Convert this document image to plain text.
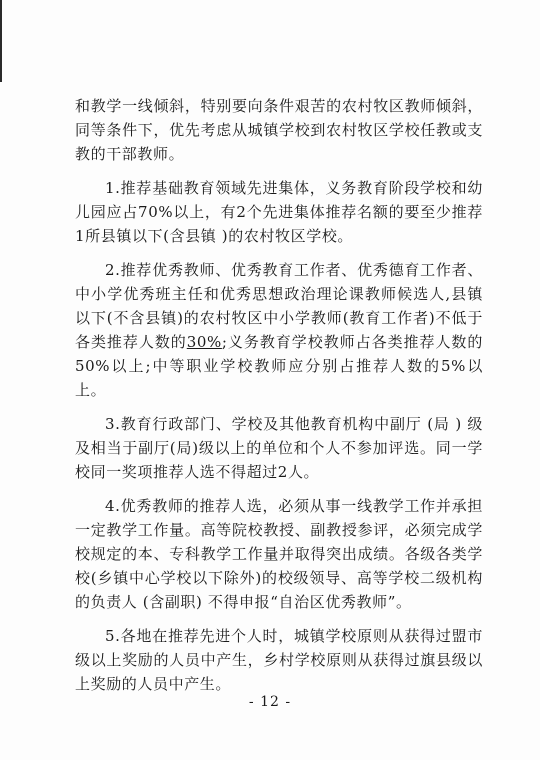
和教学一线倾斜，特别要向条件艰苦的农村牧区教师倾斜，同等条件下，优先考虑从城镇学校到农村牧区学校任教或支教的干部教师。

1.推荐基础教育领域先进集体，义务教育阶段学校和幼儿园应占70%以上，有2个先进集体推荐名额的要至少推荐1所县镇以下(含县镇 )的农村牧区学校。

2.推荐优秀教师、优秀教育工作者、优秀德育工作者、中小学优秀班主任和优秀思想政治理论课教师候选人,县镇以下(不含县镇)的农村牧区中小学教师(教育工作者)不低于各类推荐人数的30%;义务教育学校教师占各类推荐人数的50%以上;中等职业学校教师应分别占推荐人数的5%以上。

3.教育行政部门、学校及其他教育机构中副厅 (局 ) 级及相当于副厅(局)级以上的单位和个人不参加评选。同一学校同一奖项推荐人选不得超过2人。

4.优秀教师的推荐人选，必须从事一线教学工作并承担一定教学工作量。高等院校教授、副教授参评，必须完成学校规定的本、专科教学工作量并取得突出成绩。各级各类学校(乡镇中心学校以下除外)的校级领导、高等学校二级机构的负责人 (含副职) 不得申报“自治区优秀教师”。

5.各地在推荐先进个人时，城镇学校原则从获得过盟市级以上奖励的人员中产生，乡村学校原则从获得过旗县级以上奖励的人员中产生。

- 12 -
